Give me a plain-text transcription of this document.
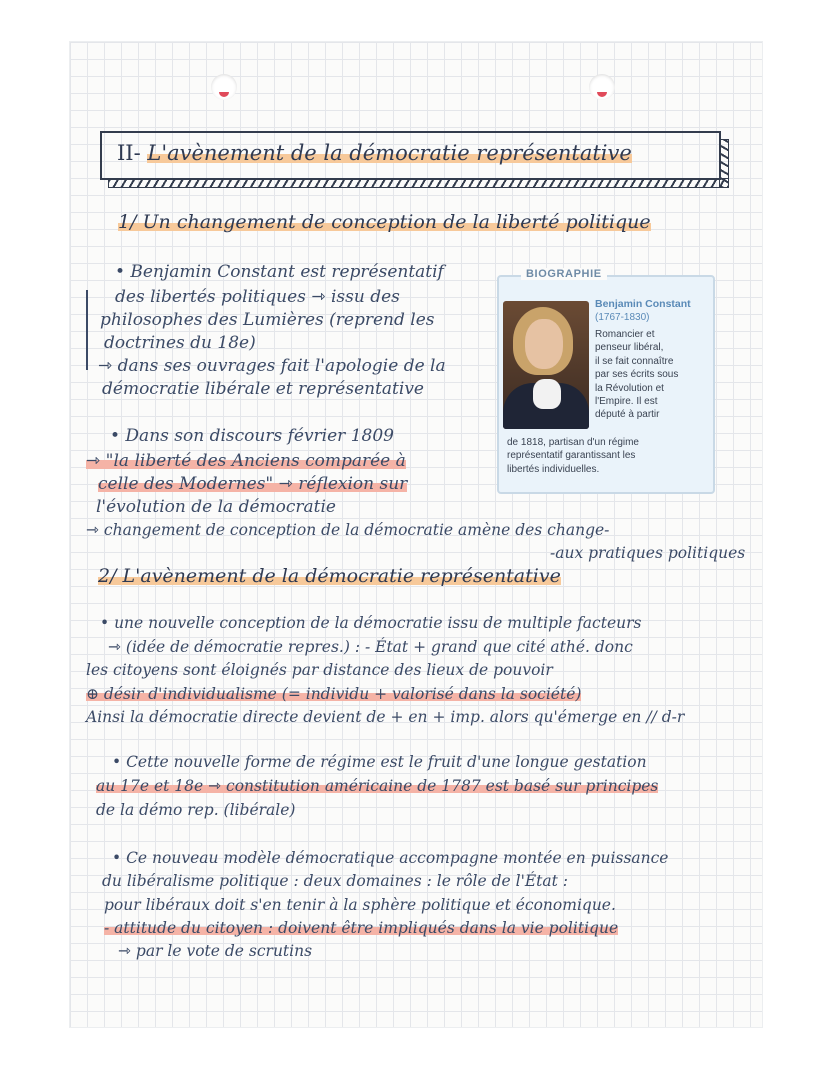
II- L'avènement de la démocratie représentative
1/ Un changement de conception de la liberté politique
• Benjamin Constant est représentatif
des libertés politiques ⇾ issu des
philosophes des Lumières (reprend les
doctrines du 18e)
⇾ dans ses ouvrages fait l'apologie de la
démocratie libérale et représentative
• Dans son discours février 1809
⇾ "la liberté des Anciens comparée à
celle des Modernes" ⇾ réflexion sur
l'évolution de la démocratie
⇾ changement de conception de la démocratie amène des change-
-aux pratiques politiques
BIOGRAPHIE
Benjamin Constant
(1767-1830)
Romancier et
penseur libéral,
il se fait connaître
par ses écrits sous
la Révolution et
l'Empire. Il est
député à partir
de 1818, partisan d'un régime
représentatif garantissant les
libertés individuelles.
2/ L'avènement de la démocratie représentative
• une nouvelle conception de la démocratie issu de multiple facteurs
⇾ (idée de démocratie repres.) : - État + grand que cité athé. donc
les citoyens sont éloignés par distance des lieux de pouvoir
⊕ désir d'individualisme (= individu + valorisé dans la société)
Ainsi la démocratie directe devient de + en + imp. alors qu'émerge en // d-r
• Cette nouvelle forme de régime est le fruit d'une longue gestation
au 17e et 18e ⇾ constitution américaine de 1787 est basé sur principes
de la démo rep. (libérale)
• Ce nouveau modèle démocratique accompagne montée en puissance
du libéralisme politique : deux domaines : le rôle de l'État :
pour libéraux doit s'en tenir à la sphère politique et économique.
- attitude du citoyen : doivent être impliqués dans la vie politique
⇾ par le vote de scrutins
